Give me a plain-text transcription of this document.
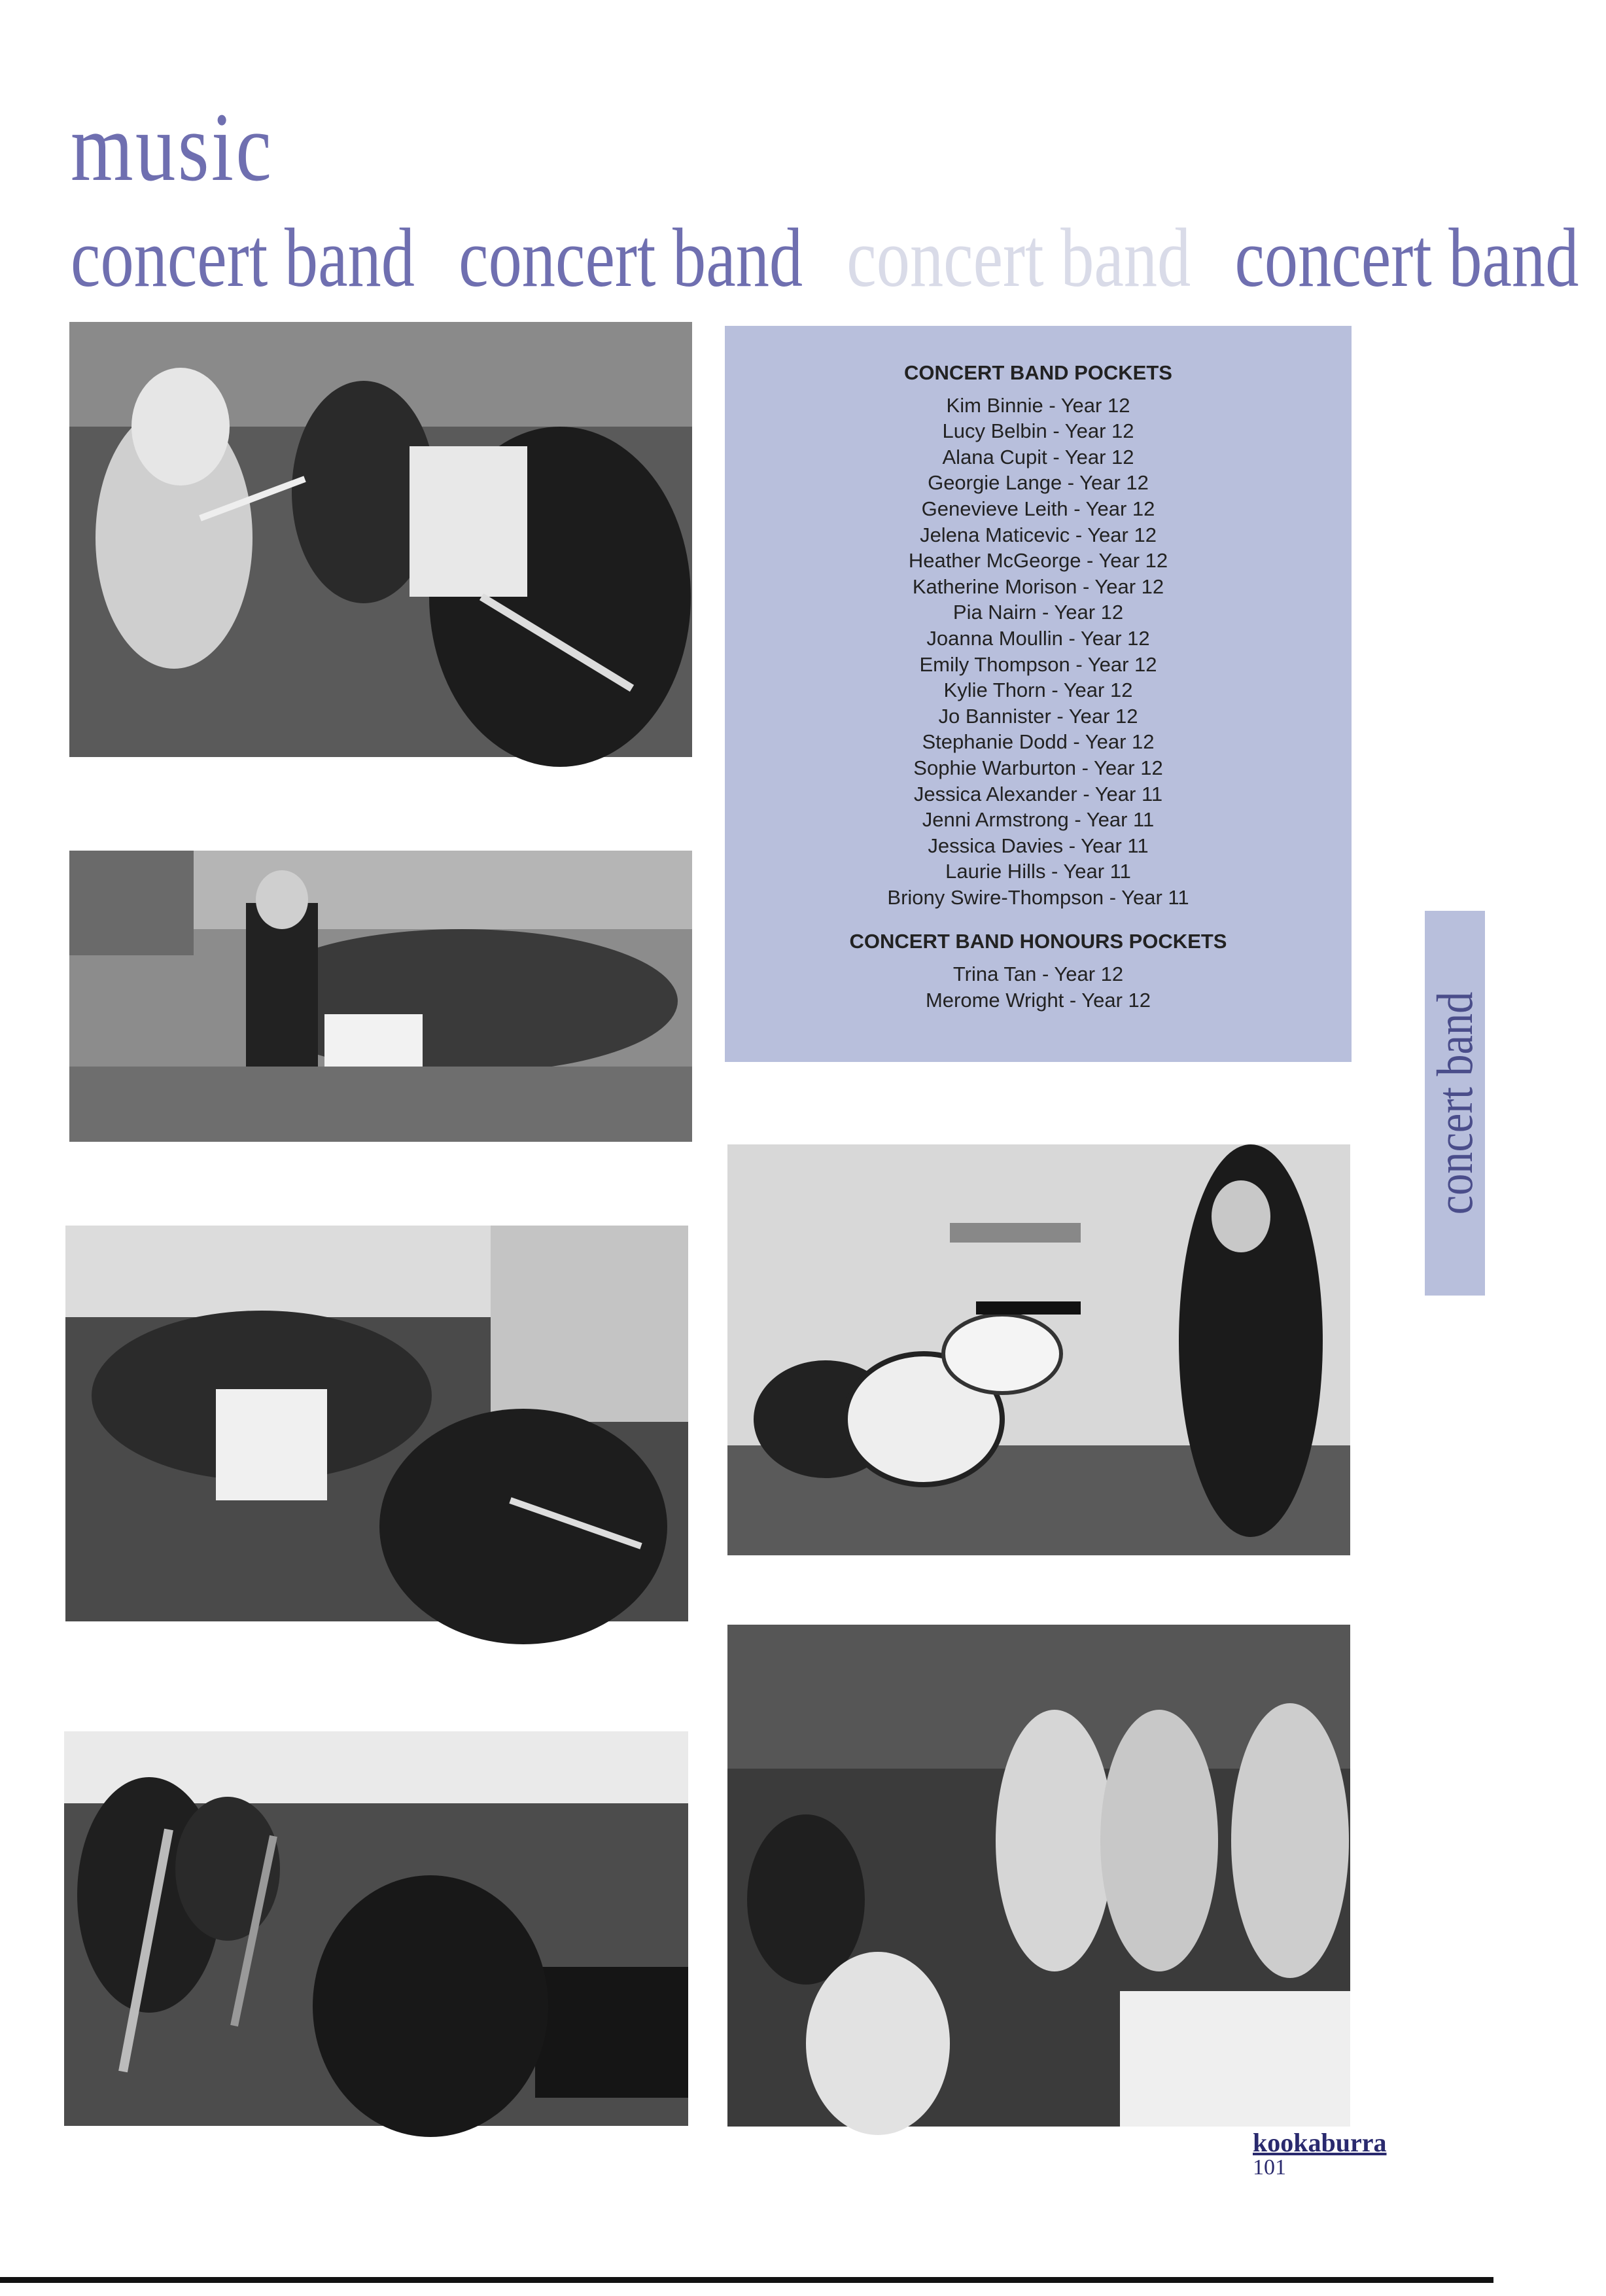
music
concert band concert band concert band concert band
CONCERT BAND POCKETS
Kim Binnie - Year 12
Lucy Belbin - Year 12
Alana Cupit - Year 12
Georgie Lange - Year 12
Genevieve Leith - Year 12
Jelena Maticevic - Year 12
Heather McGeorge - Year 12
Katherine Morison - Year 12
Pia Nairn - Year 12
Joanna Moullin - Year 12
Emily Thompson - Year 12
Kylie Thorn - Year 12
Jo Bannister - Year 12
Stephanie Dodd - Year 12
Sophie Warburton - Year 12
Jessica Alexander - Year 11
Jenni Armstrong - Year 11
Jessica Davies - Year 11
Laurie Hills - Year 11
Briony Swire-Thompson - Year 11
CONCERT BAND HONOURS POCKETS
Trina Tan - Year 12
Merome Wright - Year 12	concert band
kookaburra
101
